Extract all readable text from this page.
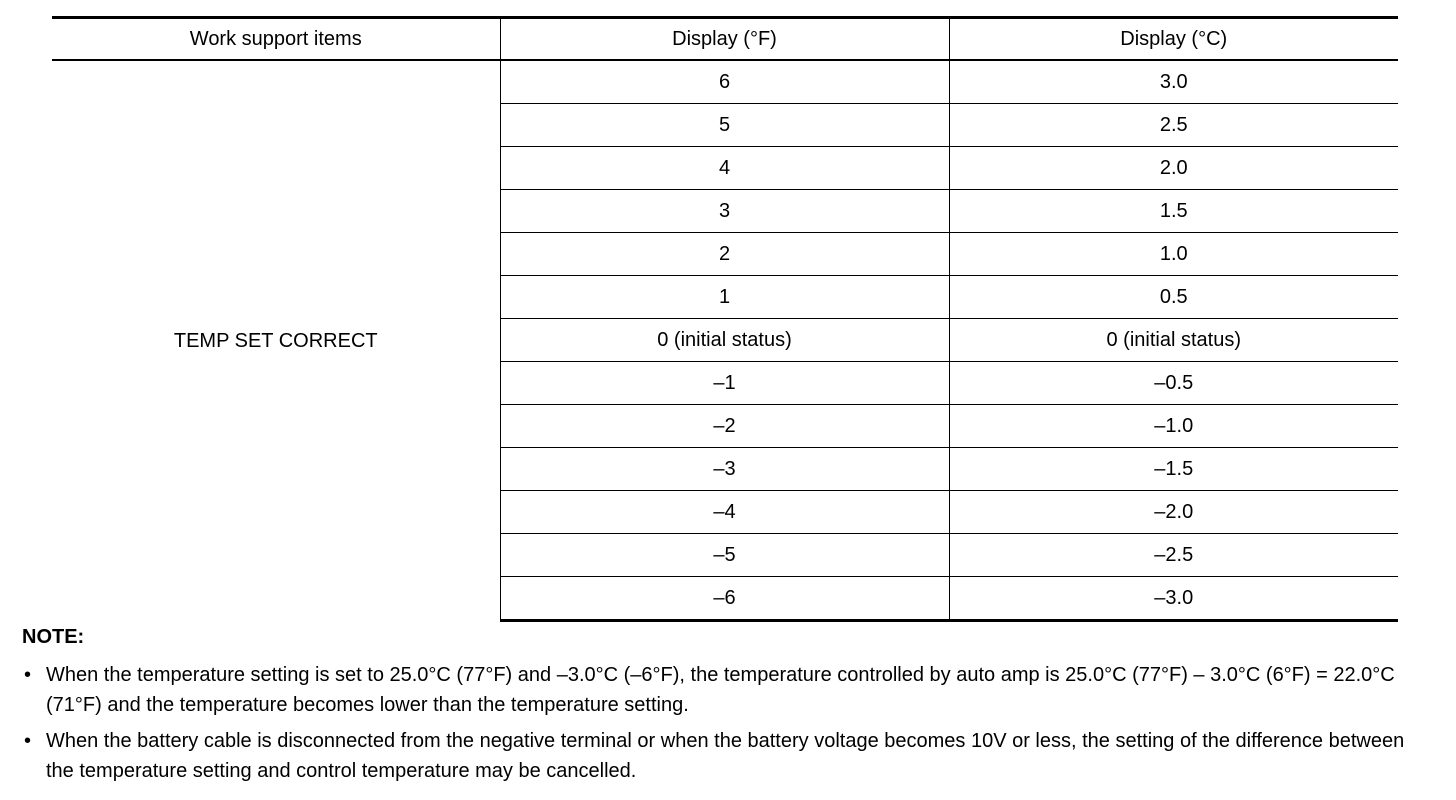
Work support items	Display (°F)	Display (°C)
TEMP SET CORRECT	6	3.0
	5	2.5
	4	2.0
	3	1.5
	2	1.0
	1	0.5
	0 (initial status)	0 (initial status)
	–1	–0.5
	–2	–1.0
	–3	–1.5
	–4	–2.0
	–5	–2.5
	–6	–3.0

NOTE:

• When the temperature setting is set to 25.0°C (77°F) and –3.0°C (–6°F), the temperature controlled by auto amp is 25.0°C (77°F) – 3.0°C (6°F) = 22.0°C (71°F) and the temperature becomes lower than the temperature setting.
• When the battery cable is disconnected from the negative terminal or when the battery voltage becomes 10V or less, the setting of the difference between the temperature setting and control temperature may be cancelled.
